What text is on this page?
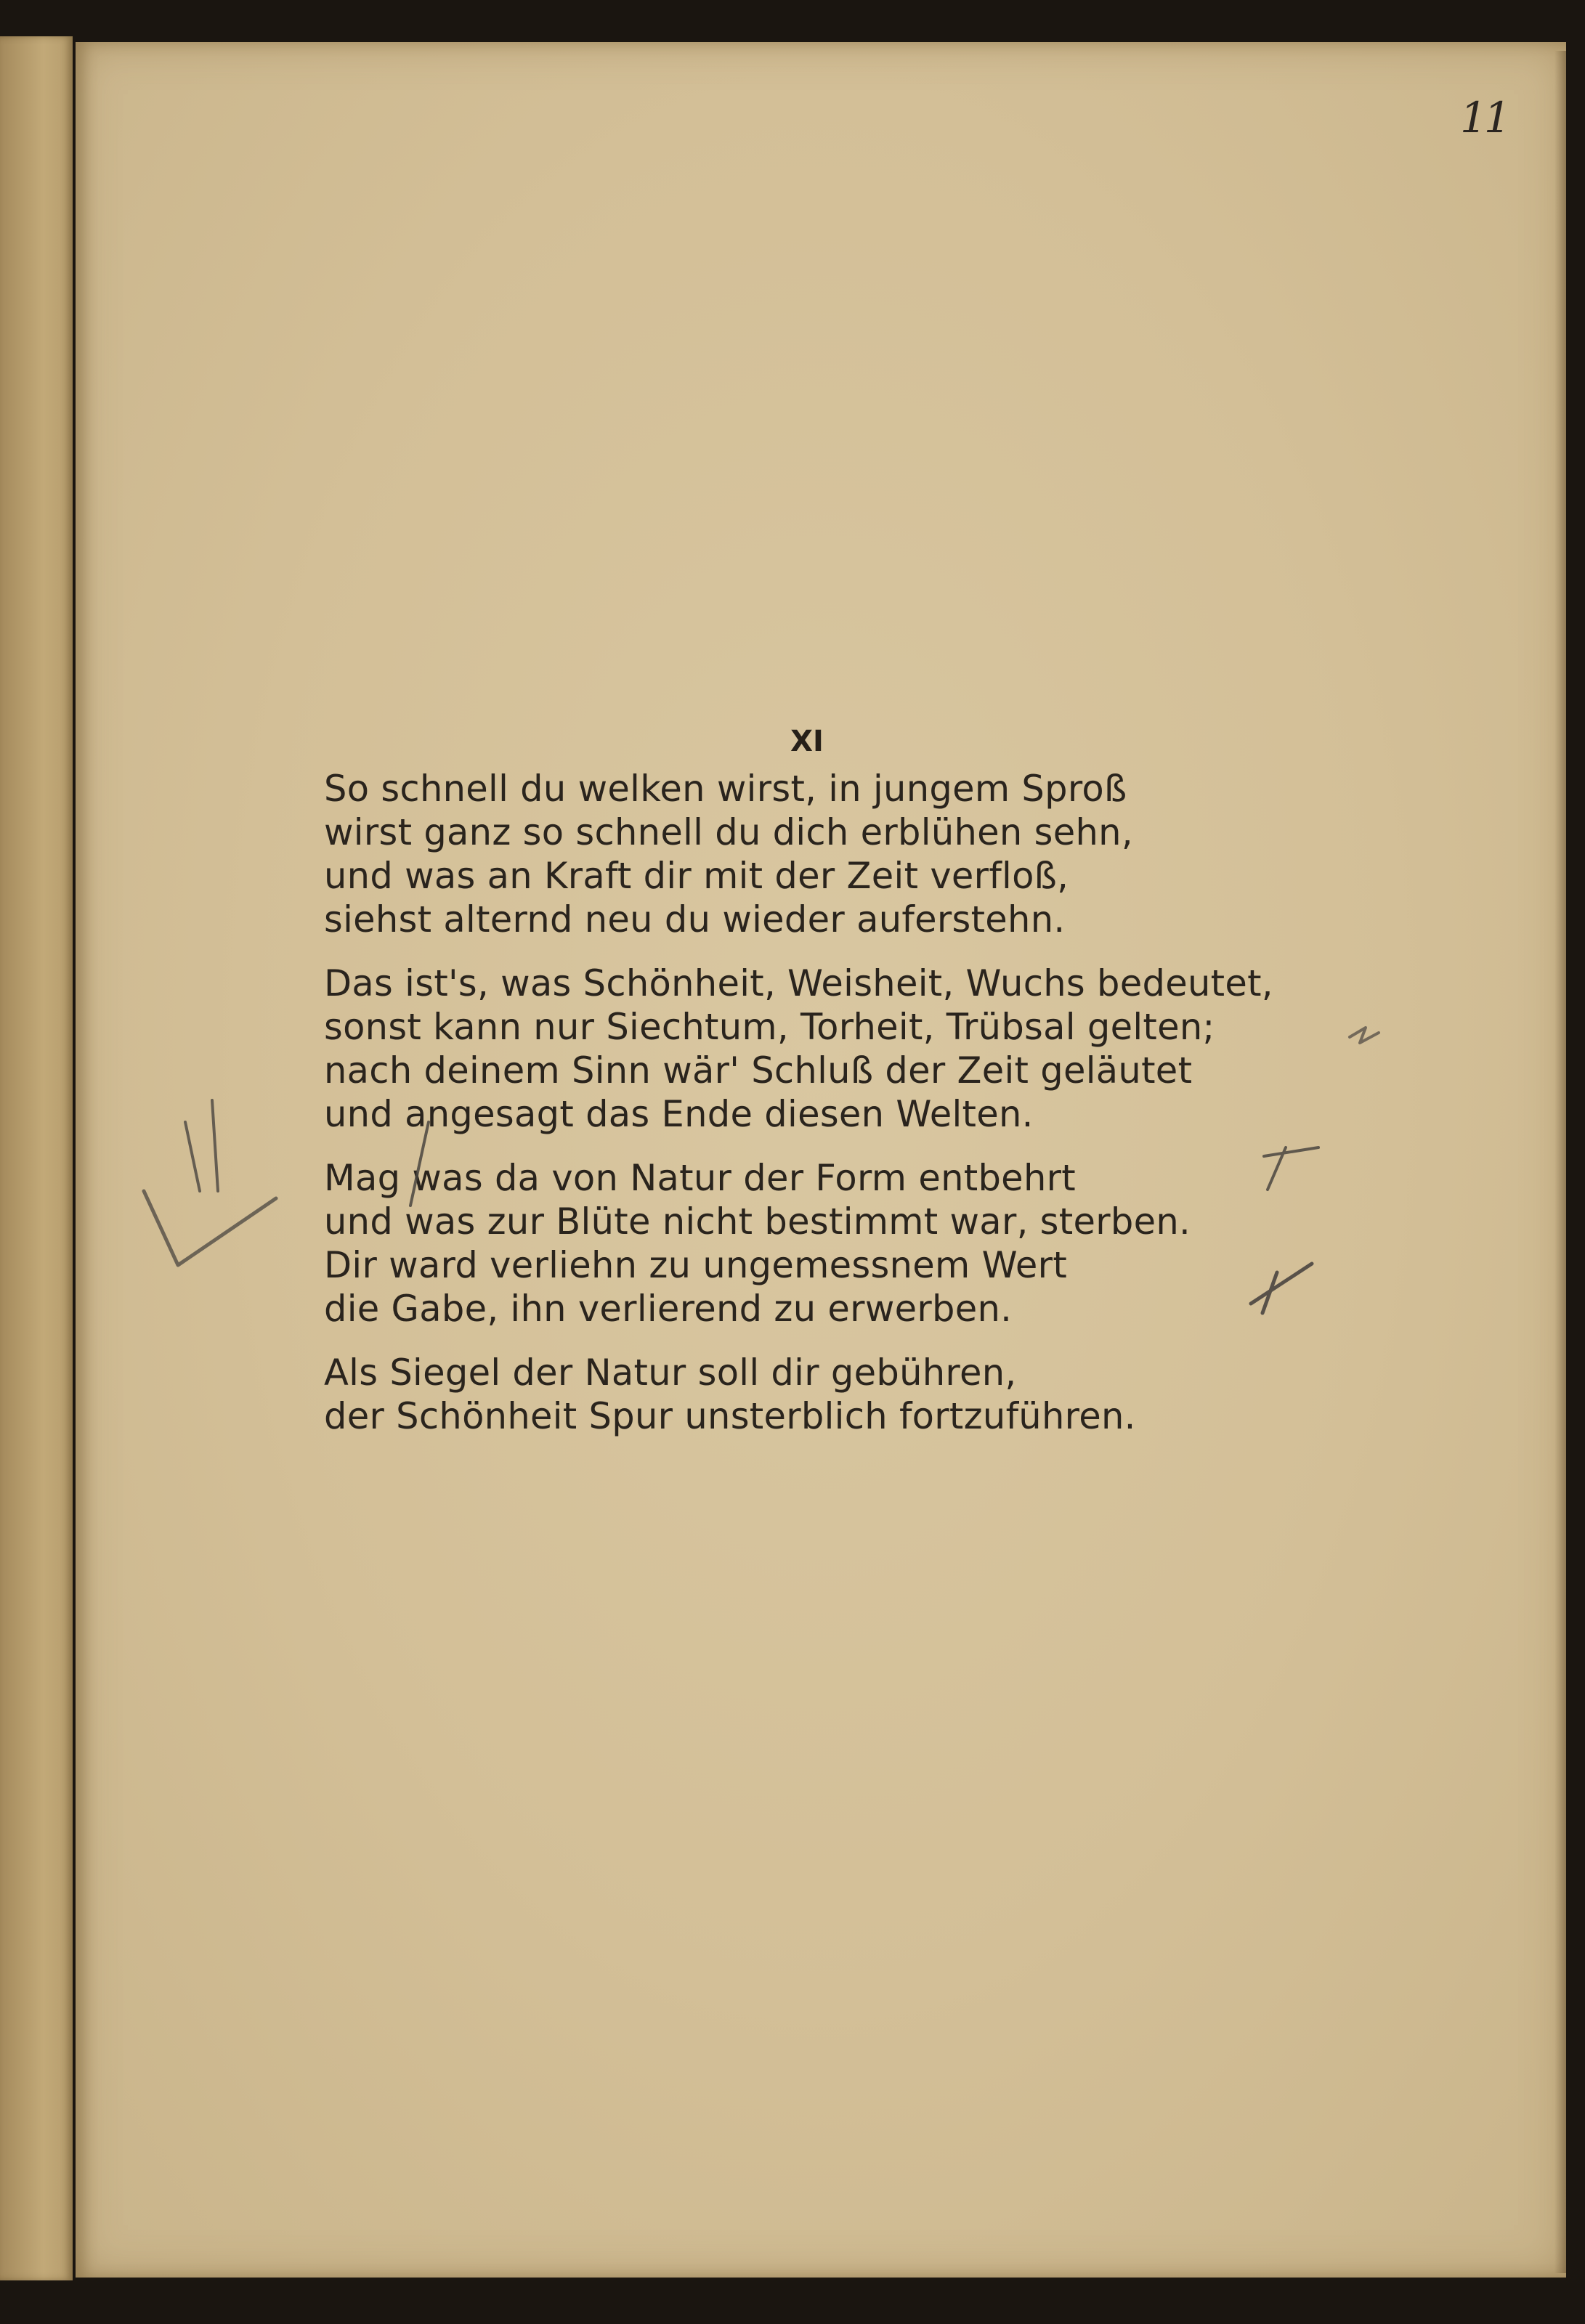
11
XI
So schnell du welken wirst, in jungem Sproß
wirst ganz so schnell du dich erblühen sehn,
und was an Kraft dir mit der Zeit verfloß,
siehst alternd neu du wieder auferstehn.
Das ist's, was Schönheit, Weisheit, Wuchs bedeutet,
sonst kann nur Siechtum, Torheit, Trübsal gelten;
nach deinem Sinn wär' Schluß der Zeit geläutet
und angesagt das Ende diesen Welten.
Mag was da von Natur der Form entbehrt
und was zur Blüte nicht bestimmt war, sterben.
Dir ward verliehn zu ungemessnem Wert
die Gabe, ihn verlierend zu erwerben.
Als Siegel der Natur soll dir gebühren,
der Schönheit Spur unsterblich fortzuführen.
